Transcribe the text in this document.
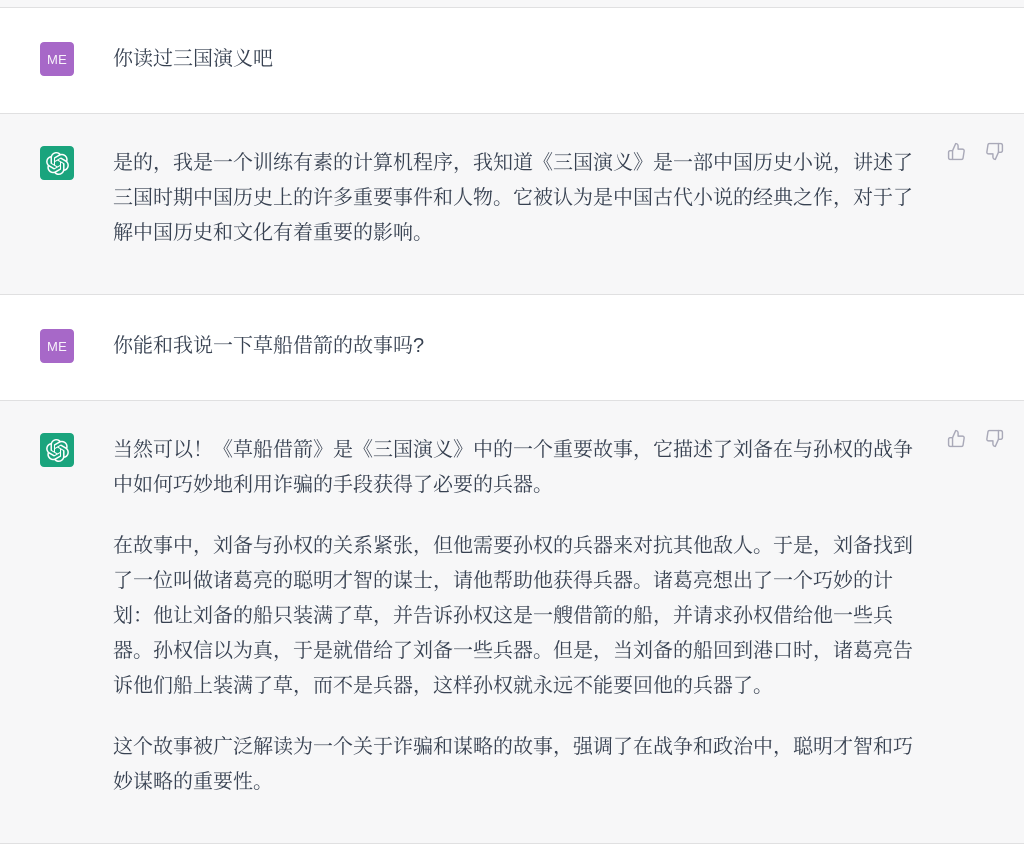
ME 你读过三国演义吧

是的，我是一个训练有素的计算机程序，我知道《三国演义》是一部中国历史小说，讲述了三国时期中国历史上的许多重要事件和人物。它被认为是中国古代小说的经典之作，对于了解中国历史和文化有着重要的影响。

ME 你能和我说一下草船借箭的故事吗?

当然可以！《草船借箭》是《三国演义》中的一个重要故事，它描述了刘备在与孙权的战争中如何巧妙地利用诈骗的手段获得了必要的兵器。

在故事中，刘备与孙权的关系紧张，但他需要孙权的兵器来对抗其他敌人。于是，刘备找到了一位叫做诸葛亮的聪明才智的谋士，请他帮助他获得兵器。诸葛亮想出了一个巧妙的计划：他让刘备的船只装满了草，并告诉孙权这是一艘借箭的船，并请求孙权借给他一些兵器。孙权信以为真，于是就借给了刘备一些兵器。但是，当刘备的船回到港口时，诸葛亮告诉他们船上装满了草，而不是兵器，这样孙权就永远不能要回他的兵器了。

这个故事被广泛解读为一个关于诈骗和谋略的故事，强调了在战争和政治中，聪明才智和巧妙谋略的重要性。
